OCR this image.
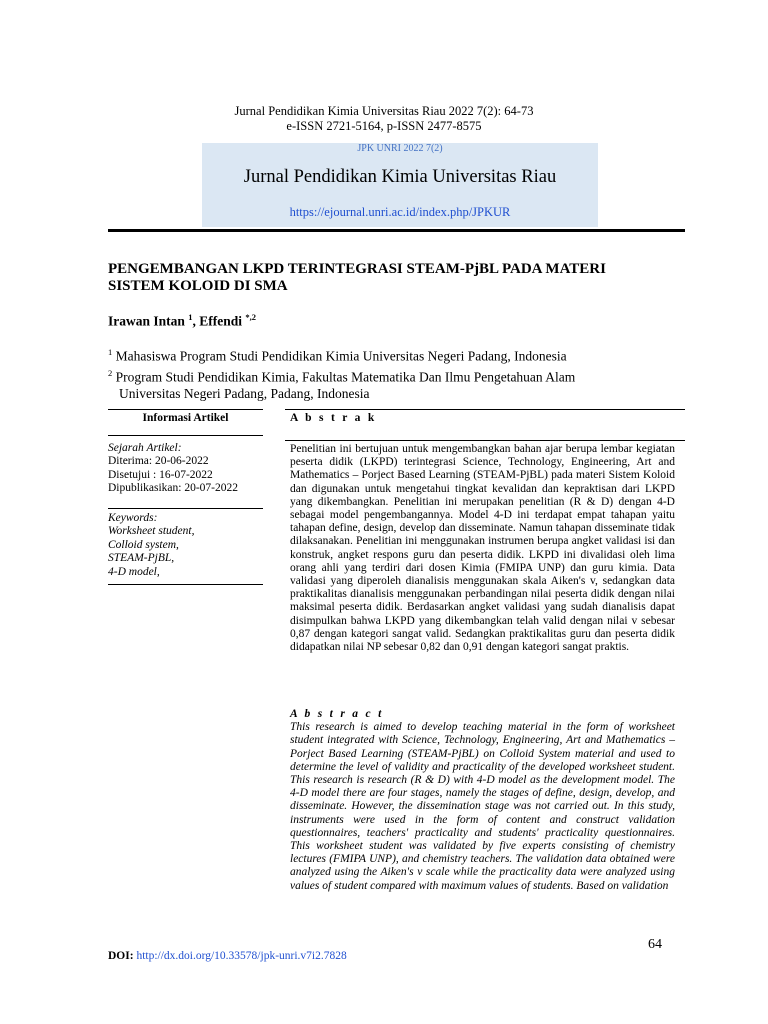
Jurnal Pendidikan Kimia Universitas Riau 2022 7(2): 64-73
e-ISSN 2721-5164, p-ISSN 2477-8575
JPK UNRI 2022 7(2)
Jurnal Pendidikan Kimia Universitas Riau
https://ejournal.unri.ac.id/index.php/JPKUR
PENGEMBANGAN LKPD TERINTEGRASI STEAM-PjBL PADA MATERI
SISTEM KOLOID DI SMA
Irawan Intan $^1$, Effendi $^{*,2}$
$^1$ Mahasiswa Program Studi Pendidikan Kimia Universitas Negeri Padang, Indonesia
$^2$ Program Studi Pendidikan Kimia, Fakultas Matematika Dan Ilmu Pengetahuan Alam
Universitas Negeri Padang, Padang, Indonesia
Informasi Artikel	A b s t r a k
Sejarah Artikel:
Diterima: 20-06-2022
Disetujui : 16-07-2022
Dipublikasikan: 20-07-2022
Keywords:
Worksheet student,
Colloid system,
STEAM-PjBL,
4-D model,
Penelitian ini bertujuan untuk mengembangkan bahan ajar berupa lembar kegiatan peserta didik (LKPD) terintegrasi Science, Technology, Engineering, Art and Mathematics – Porject Based Learning (STEAM-PjBL) pada materi Sistem Koloid dan digunakan untuk mengetahui tingkat kevalidan dan kepraktisan dari LKPD yang dikembangkan. Penelitian ini merupakan penelitian (R & D) dengan 4-D sebagai model pengembangannya. Model 4-D ini terdapat empat tahapan yaitu tahapan define, design, develop dan disseminate. Namun tahapan disseminate tidak dilaksanakan. Penelitian ini menggunakan instrumen berupa angket validasi isi dan konstruk, angket respons guru dan peserta didik. LKPD ini divalidasi oleh lima orang ahli yang terdiri dari dosen Kimia (FMIPA UNP) dan guru kimia. Data validasi yang diperoleh dianalisis menggunakan skala Aiken's v, sedangkan data praktikalitas dianalisis menggunakan perbandingan nilai peserta didik dengan nilai maksimal peserta didik. Berdasarkan angket validasi yang sudah dianalisis dapat disimpulkan bahwa LKPD yang dikembangkan telah valid dengan nilai v sebesar 0,87 dengan kategori sangat valid. Sedangkan praktikalitas guru dan peserta didik didapatkan nilai NP sebesar 0,82 dan 0,91 dengan kategori sangat praktis.
A b s t r a c t
This research is aimed to develop teaching material in the form of worksheet student integrated with Science, Technology, Engineering, Art and Mathematics – Porject Based Learning (STEAM-PjBL) on Colloid System material and used to determine the level of validity and practicality of the developed worksheet student. This research is research (R & D) with 4-D model as the development model. The 4-D model there are four stages, namely the stages of define, design, develop, and disseminate. However, the dissemination stage was not carried out. In this study, instruments were used in the form of content and construct validation questionnaires, teachers' practicality and students' practicality questionnaires. This worksheet student was validated by five experts consisting of chemistry lectures (FMIPA UNP), and chemistry teachers. The validation data obtained were analyzed using the Aiken's v scale while the practicality data were analyzed using values of student compared with maximum values of students. Based on validation
64
DOI: http://dx.doi.org/10.33578/jpk-unri.v7i2.7828
